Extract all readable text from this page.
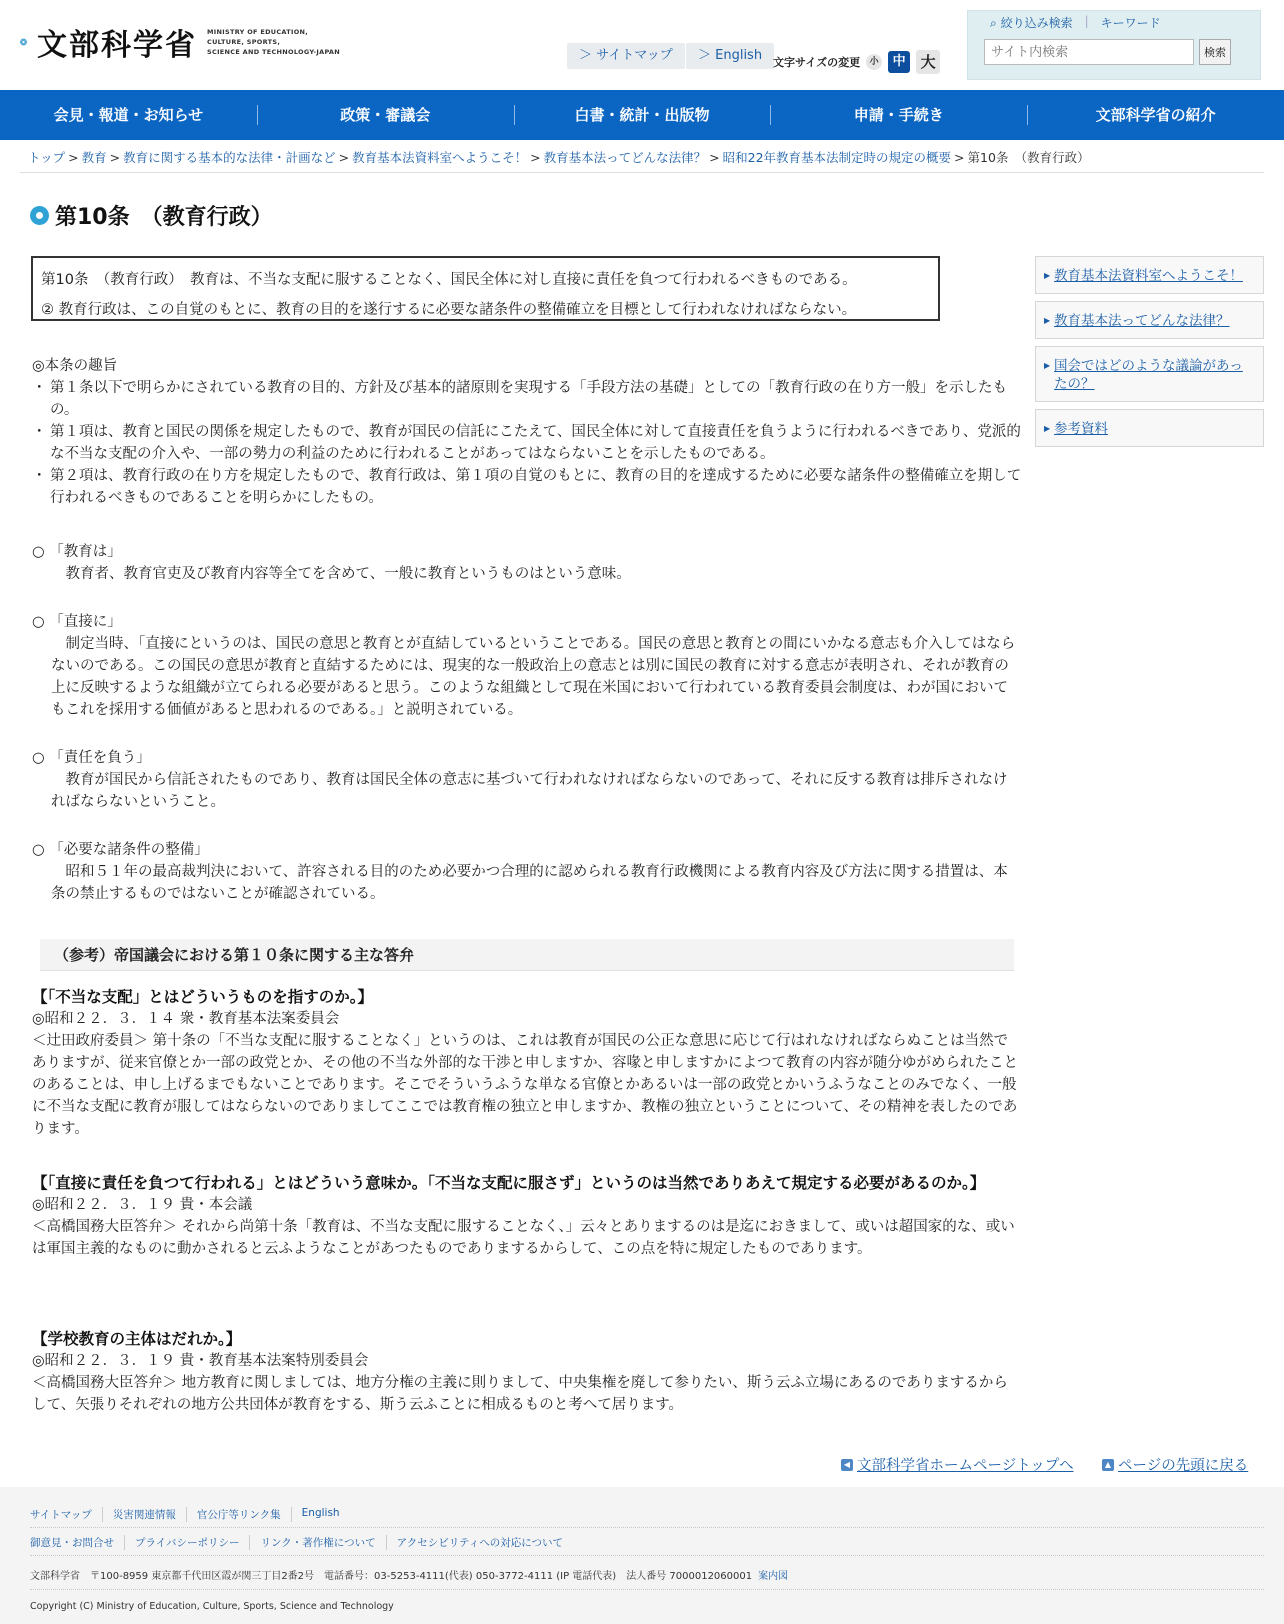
文部科学省 MINISTRY OF EDUCATION,
CULTURE, SPORTS,
SCIENCE AND TECHNOLOGY-JAPAN	＞ サイトマップ	＞ English 文字サイズの変更	小	中 大
⌕ 絞り込み検索 | キーワード
サイト内検索
検索
会見・報道・お知らせ	政策・審議会	白書・統計・出版物	申請・手続き	文部科学省の紹介
トップ > 教育 > 教育に関する基本的な法律・計画など > 教育基本法資料室へようこそ！ > 教育基本法ってどんな法律？ > 昭和22年教育基本法制定時の規定の概要 > 第10条　（教育行政）
第10条　（教育行政）
第10条　（教育行政）　教育は、不当な支配に服することなく、国民全体に対し直接に責任を負つて行われるべきものである。
② 教育行政は、この自覚のもとに、教育の目的を遂行するに必要な諸条件の整備確立を目標として行われなければならない。
◎本条の趣旨
・ 第１条以下で明らかにされている教育の目的、方針及び基本的諸原則を実現する「手段方法の基礎」としての「教育行政の在り方一般」を示したもの。
・ 第１項は、教育と国民の関係を規定したもので、教育が国民の信託にこたえて、国民全体に対して直接責任を負うように行われるべきであり、党派的な不当な支配の介入や、一部の勢力の利益のために行われることがあってはならないことを示したものである。
・ 第２項は、教育行政の在り方を規定したもので、教育行政は、第１項の自覚のもとに、教育の目的を達成するために必要な諸条件の整備確立を期して行われるべきものであることを明らかにしたもの。
○ 「教育は」
　教育者、教育官吏及び教育内容等全てを含めて、一般に教育というものはという意味。
○ 「直接に」
　制定当時、「直接にというのは、国民の意思と教育とが直結しているということである。国民の意思と教育との間にいかなる意志も介入してはならないのである。この国民の意思が教育と直結するためには、現実的な一般政治上の意志とは別に国民の教育に対する意志が表明され、それが教育の上に反映するような組織が立てられる必要があると思う。このような組織として現在米国において行われている教育委員会制度は、わが国においてもこれを採用する価値があると思われるのである。」と説明されている。
○ 「責任を負う」
　教育が国民から信託されたものであり、教育は国民全体の意志に基づいて行われなければならないのであって、それに反する教育は排斥されなければならないということ。
○ 「必要な諸条件の整備」
　昭和５１年の最高裁判決において、許容される目的のため必要かつ合理的に認められる教育行政機関による教育内容及び方法に関する措置は、本条の禁止するものではないことが確認されている。
（参考）帝国議会における第１０条に関する主な答弁
【「不当な支配」とはどういうものを指すのか。】
◎昭和２２．３．１４ 衆・教育基本法案委員会
＜辻田政府委員＞ 第十条の「不当な支配に服することなく」というのは、これは教育が国民の公正な意思に応じて行はれなければならぬことは当然でありますが、従来官僚とか一部の政党とか、その他の不当な外部的な干渉と申しますか、容喙と申しますかによつて教育の内容が随分ゆがめられたことのあることは、申し上げるまでもないことであります。そこでそういうふうな単なる官僚とかあるいは一部の政党とかいうふうなことのみでなく、一般に不当な支配に教育が服してはならないのでありましてここでは教育権の独立と申しますか、教権の独立ということについて、その精神を表したのであります。
【「直接に責任を負つて行われる」とはどういう意味か。「不当な支配に服さず」というのは当然でありあえて規定する必要があるのか。】
◎昭和２２．３．１９ 貴・本会議
＜高橋国務大臣答弁＞ それから尚第十条「教育は、不当な支配に服することなく、」云々とありまするのは是迄におきまして、或いは超国家的な、或いは軍国主義的なものに動かされると云ふようなことがあつたものでありまするからして、この点を特に規定したものであります。
【学校教育の主体はだれか。】
◎昭和２２．３．１９ 貴・教育基本法案特別委員会
＜高橋国務大臣答弁＞ 地方教育に関しましては、地方分権の主義に則りまして、中央集権を廃して参りたい、斯う云ふ立場にあるのでありまするからして、矢張りそれぞれの地方公共団体が教育をする、斯う云ふことに相成るものと考へて居ります。
▶ 教育基本法資料室へようこそ！
▶ 教育基本法ってどんな法律？
▶ 国会ではどのような議論があったの？
▶ 参考資料
◀ 文部科学省ホームページトップへ	▲ ページの先頭に戻る
サイトマップ	災害関連情報	官公庁等リンク集	English
御意見・お問合せ	プライバシーポリシー	リンク・著作権について	アクセシビリティへの対応について
文部科学省　〒100-8959 東京都千代田区霞が関三丁目2番2号　電話番号：03-5253-4111(代表) 050-3772-4111 (IP 電話代表)　法人番号 7000012060001 案内図
Copyright (C) Ministry of Education, Culture, Sports, Science and Technology
